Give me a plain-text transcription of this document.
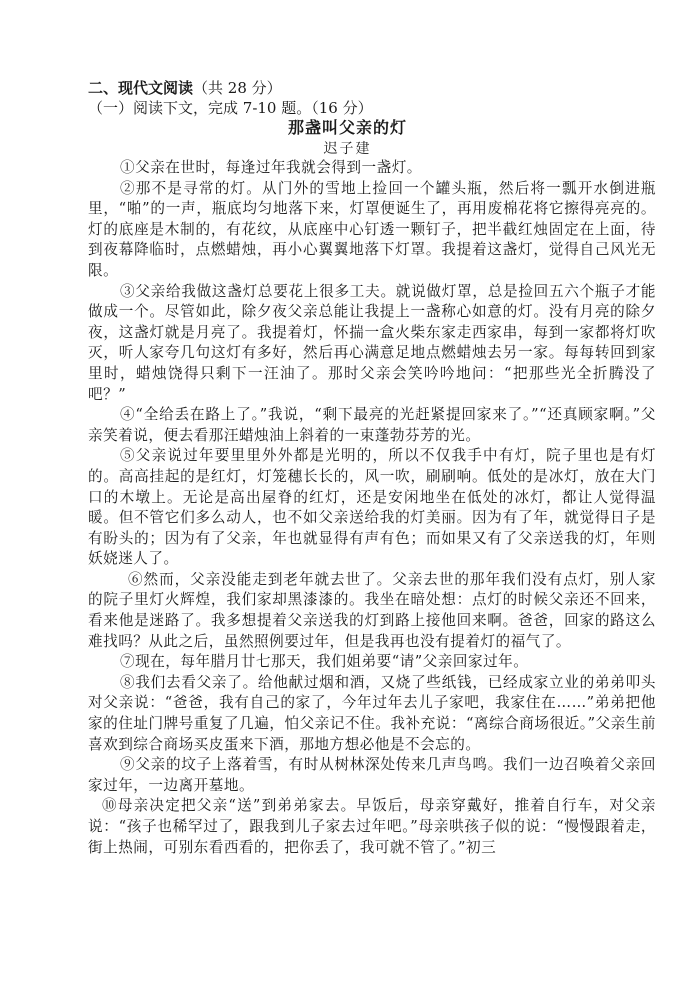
二、现代文阅读（共 28 分）
（一）阅读下文，完成 7-10 题。（16 分）
那盏叫父亲的灯
迟子建

①父亲在世时，每逢过年我就会得到一盏灯。

②那不是寻常的灯。从门外的雪地上捡回一个罐头瓶，然后将一瓢开水倒进瓶里，“啪”的一声，瓶底均匀地落下来，灯罩便诞生了，再用废棉花将它擦得亮亮的。灯的底座是木制的，有花纹，从底座中心钉透一颗钉子，把半截红烛固定在上面，待到夜幕降临时，点燃蜡烛，再小心翼翼地落下灯罩。我提着这盏灯，觉得自己风光无限。

③父亲给我做这盏灯总要花上很多工夫。就说做灯罩，总是捡回五六个瓶子才能做成一个。尽管如此，除夕夜父亲总能让我提上一盏称心如意的灯。没有月亮的除夕夜，这盏灯就是月亮了。我提着灯，怀揣一盒火柴东家走西家串，每到一家都将灯吹灭，听人家夸几句这灯有多好，然后再心满意足地点燃蜡烛去另一家。每每转回到家里时，蜡烛饶得只剩下一汪油了。那时父亲会笑吟吟地问：“把那些光全折腾没了吧？”

④“全给丢在路上了。”我说，“剩下最亮的光赶紧提回家来了。”“还真顾家啊。”父亲笑着说，便去看那汪蜡烛油上斜着的一束蓬勃芬芳的光。

⑤父亲说过年要里里外外都是光明的，所以不仅我手中有灯，院子里也是有灯的。高高挂起的是红灯，灯笼穗长长的，风一吹，刷刷响。低处的是冰灯，放在大门口的木墩上。无论是高出屋脊的红灯，还是安闲地坐在低处的冰灯，都让人觉得温暖。但不管它们多么动人，也不如父亲送给我的灯美丽。因为有了年，就觉得日子是有盼头的；因为有了父亲，年也就显得有声有色；而如果又有了父亲送我的灯，年则妖娆迷人了。

⑥然而，父亲没能走到老年就去世了。父亲去世的那年我们没有点灯，别人家的院子里灯火辉煌，我们家却黑漆漆的。我坐在暗处想：点灯的时候父亲还不回来，看来他是迷路了。我多想提着父亲送我的灯到路上接他回来啊。爸爸，回家的路这么难找吗？从此之后，虽然照例要过年，但是我再也没有提着灯的福气了。

⑦现在，每年腊月廿七那天，我们姐弟要“请”父亲回家过年。

⑧我们去看父亲了。给他献过烟和酒，又烧了些纸钱，已经成家立业的弟弟叩头对父亲说：“爸爸，我有自己的家了，今年过年去儿子家吧，我家住在……”弟弟把他家的住址门牌号重复了几遍，怕父亲记不住。我补充说：“离综合商场很近。”父亲生前喜欢到综合商场买皮蛋来下酒，那地方想必他是不会忘的。

⑨父亲的坟子上落着雪，有时从树林深处传来几声鸟鸣。我们一边召唤着父亲回家过年，一边离开墓地。

⑩母亲决定把父亲“送”到弟弟家去。早饭后，母亲穿戴好，推着自行车，对父亲说：“孩子也稀罕过了，跟我到儿子家去过年吧。”母亲哄孩子似的说：“慢慢跟着走，街上热闹，可别东看西看的，把你丢了，我可就不管了。”初三
